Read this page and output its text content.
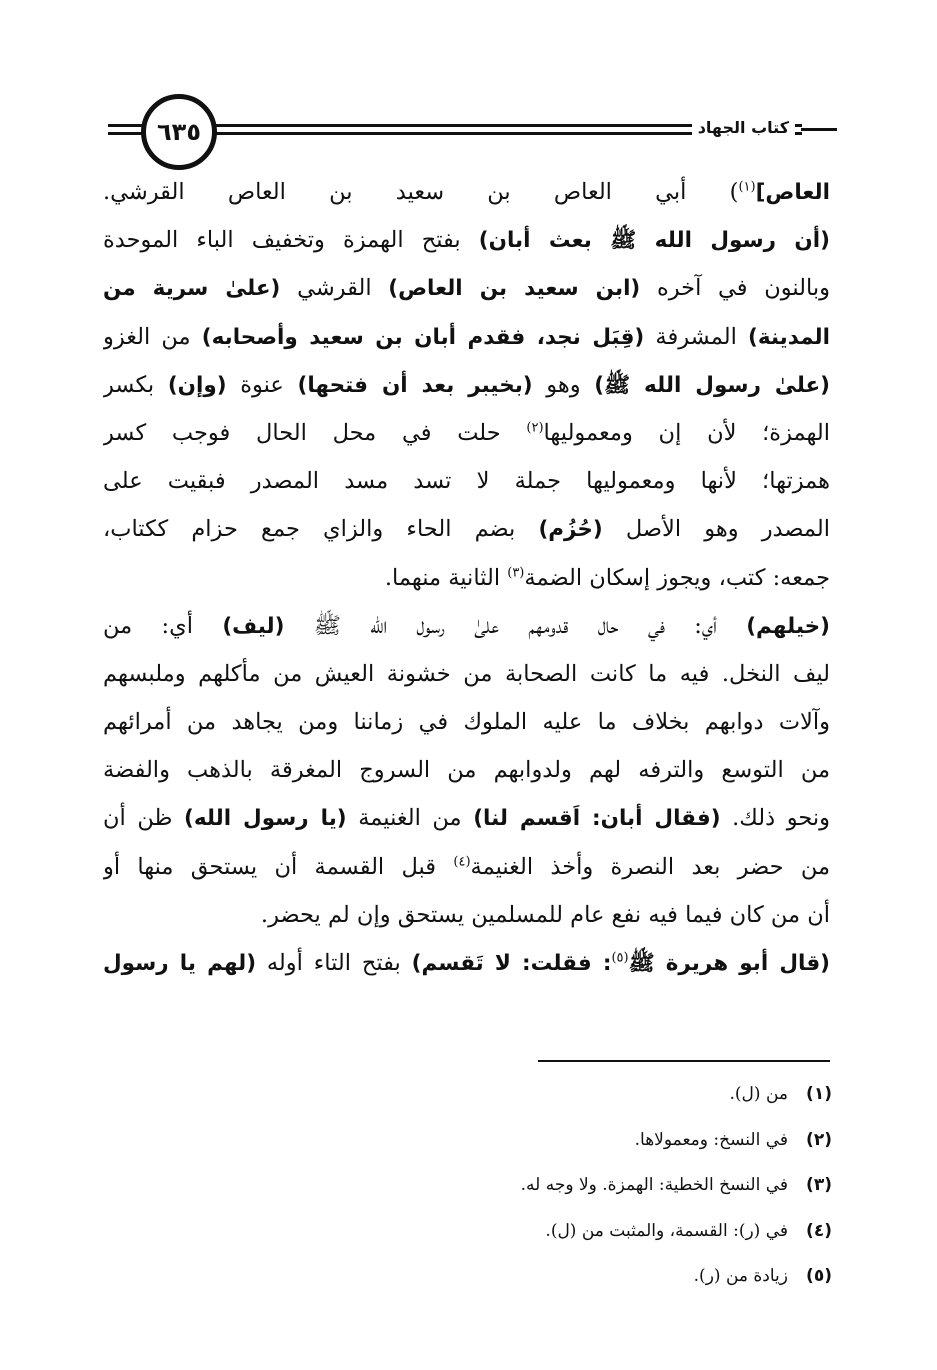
كتاب الجهاد
٦٣٥
العاص]$^{(١)}$) أبي العاص بن سعيد بن العاص القرشي.
(أن رسول الله ﷺ بعث أبان) بفتح الهمزة وتخفيف الباء الموحدة
وبالنون في آخره (ابن سعيد بن العاص) القرشي (علىٰ سرية من
المدينة) المشرفة (قِبَل نجد، فقدم أبان بن سعيد وأصحابه) من الغزو
(علىٰ رسول الله ﷺ) وهو (بخيبر بعد أن فتحها) عنوة (وإن) بكسر
الهمزة؛ لأن إن ومعموليها$^{(٢)}$ حلت في محل الحال فوجب كسر
همزتها؛ لأنها ومعموليها جملة لا تسد مسد المصدر فبقيت على
المصدر وهو الأصل (حُزُم) بضم الحاء والزاي جمع حزام ككتاب،
جمعه: كتب، ويجوز إسكان الضمة$^{(٣)}$ الثانية منهما.
(خيلهم) أي: في حال قدومهم علىٰ رسول الله ﷺ (ليف) أي: من
ليف النخل. فيه ما كانت الصحابة من خشونة العيش من مأكلهم وملبسهم
وآلات دوابهم بخلاف ما عليه الملوك في زماننا ومن يجاهد من أمرائهم
من التوسع والترفه لهم ولدوابهم من السروج المغرقة بالذهب والفضة
ونحو ذلك. (فقال أبان: اَقسم لنا) من الغنيمة (يا رسول الله) ظن أن
من حضر بعد النصرة وأخذ الغنيمة$^{(٤)}$ قبل القسمة أن يستحق منها أو
أن من كان فيما فيه نفع عام للمسلمين يستحق وإن لم يحضر.
(قال أبو هريرة ﷺ$^{(٥)}$: فقلت: لا تَقسم) بفتح التاء أوله (لهم يا رسول
(١)من (ل).
(٢)في النسخ: ومعمولاها.
(٣)في النسخ الخطية: الهمزة. ولا وجه له.
(٤)في (ر): القسمة، والمثبت من (ل).
(٥)زيادة من (ر).
